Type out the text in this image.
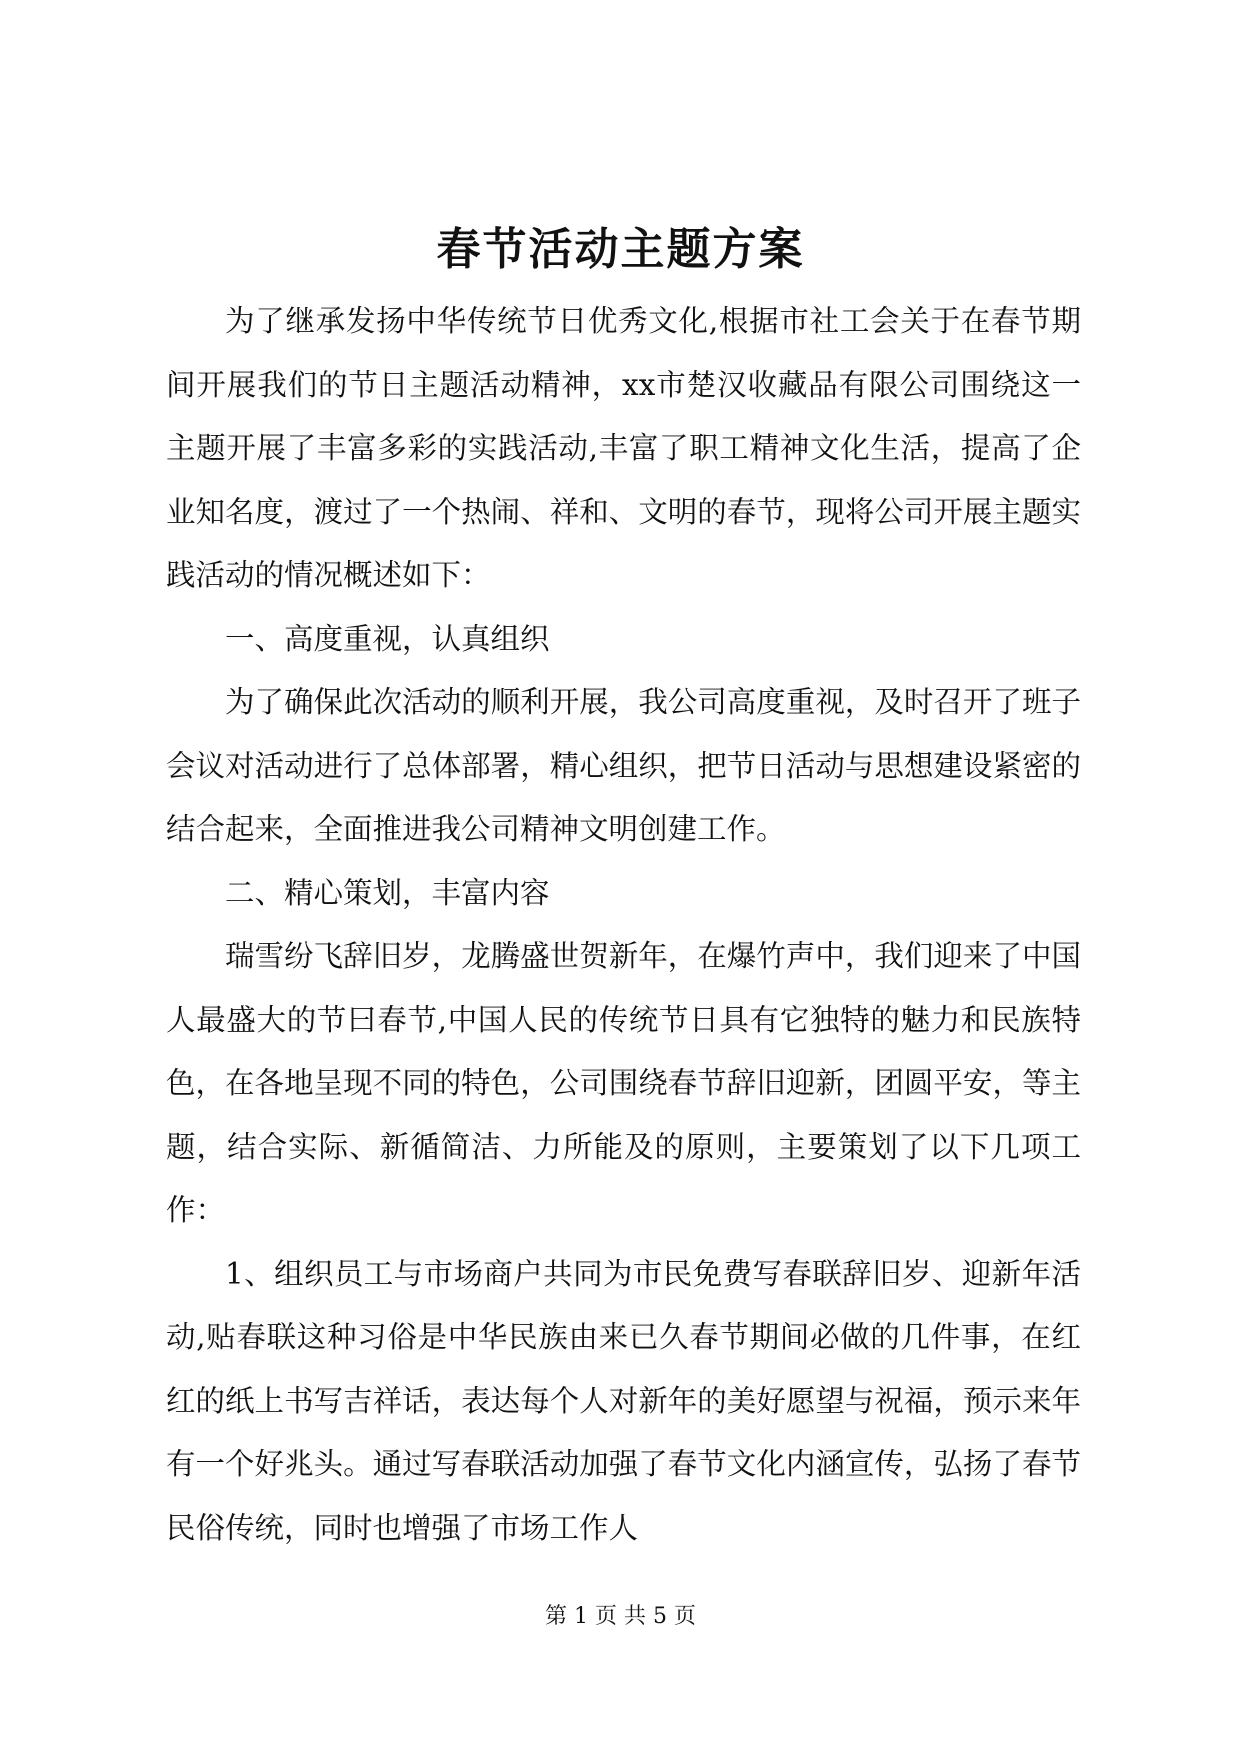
春节活动主题方案

为了继承发扬中华传统节日优秀文化,根据市社工会关于在春节期间开展我们的节日主题活动精神，xx市楚汉收藏品有限公司围绕这一主题开展了丰富多彩的实践活动,丰富了职工精神文化生活，提高了企业知名度，渡过了一个热闹、祥和、文明的春节，现将公司开展主题实践活动的情况概述如下：

一、高度重视，认真组织

为了确保此次活动的顺利开展，我公司高度重视，及时召开了班子会议对活动进行了总体部署，精心组织，把节日活动与思想建设紧密的结合起来，全面推进我公司精神文明创建工作。

二、精心策划，丰富内容

瑞雪纷飞辞旧岁，龙腾盛世贺新年，在爆竹声中，我们迎来了中国人最盛大的节曰春节,中国人民的传统节日具有它独特的魅力和民族特色，在各地呈现不同的特色，公司围绕春节辞旧迎新，团圆平安，等主题，结合实际、新循简洁、力所能及的原则，主要策划了以下几项工作：

1、组织员工与市场商户共同为市民免费写春联辞旧岁、迎新年活动,贴春联这种习俗是中华民族由来已久春节期间必做的几件事，在红红的纸上书写吉祥话，表达每个人对新年的美好愿望与祝福，预示来年有一个好兆头。通过写春联活动加强了春节文化内涵宣传，弘扬了春节民俗传统，同时也增强了市场工作人

第 1 页 共 5 页
